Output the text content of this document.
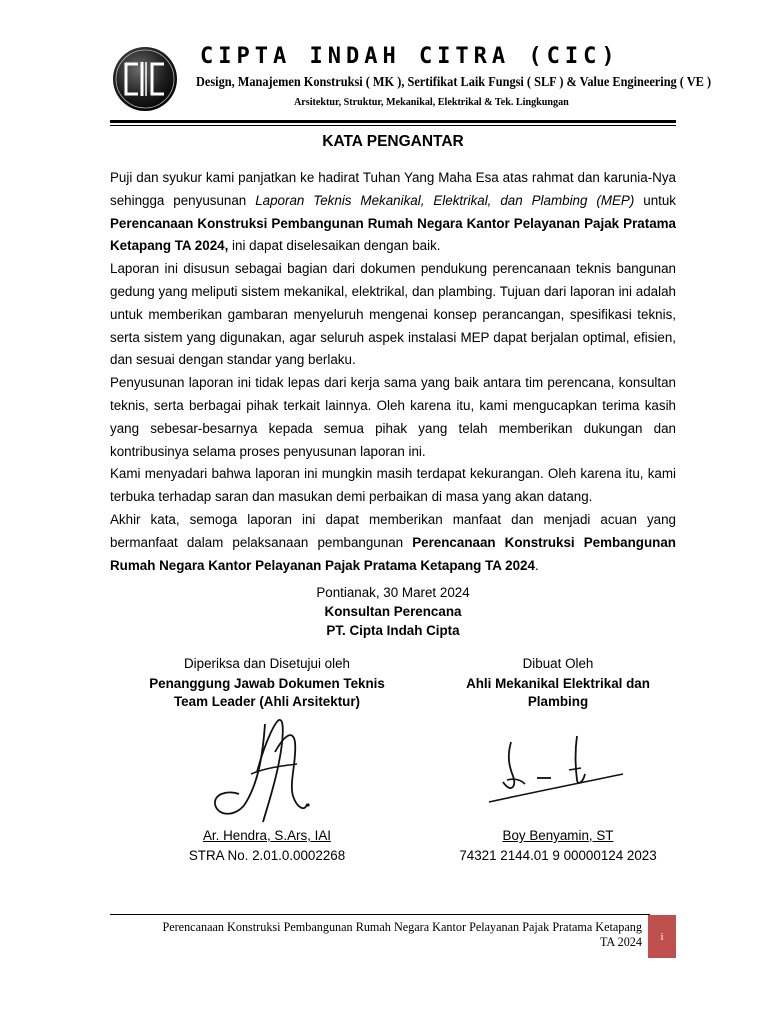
CIPTA INDAH CITRA (CIC)
Design, Manajemen Konstruksi ( MK ), Sertifikat Laik Fungsi ( SLF ) & Value Engineering ( VE )
Arsitektur, Struktur, Mekanikal, Elektrikal & Tek. Lingkungan
KATA PENGANTAR

Puji dan syukur kami panjatkan ke hadirat Tuhan Yang Maha Esa atas rahmat dan karunia-Nya sehingga penyusunan Laporan Teknis Mekanikal, Elektrikal, dan Plambing (MEP) untuk Perencanaan Konstruksi Pembangunan Rumah Negara Kantor Pelayanan Pajak Pratama Ketapang TA 2024, ini dapat diselesaikan dengan baik.

Laporan ini disusun sebagai bagian dari dokumen pendukung perencanaan teknis bangunan gedung yang meliputi sistem mekanikal, elektrikal, dan plambing. Tujuan dari laporan ini adalah untuk memberikan gambaran menyeluruh mengenai konsep perancangan, spesifikasi teknis, serta sistem yang digunakan, agar seluruh aspek instalasi MEP dapat berjalan optimal, efisien, dan sesuai dengan standar yang berlaku.

Penyusunan laporan ini tidak lepas dari kerja sama yang baik antara tim perencana, konsultan teknis, serta berbagai pihak terkait lainnya. Oleh karena itu, kami mengucapkan terima kasih yang sebesar-besarnya kepada semua pihak yang telah memberikan dukungan dan kontribusinya selama proses penyusunan laporan ini.

Kami menyadari bahwa laporan ini mungkin masih terdapat kekurangan. Oleh karena itu, kami terbuka terhadap saran dan masukan demi perbaikan di masa yang akan datang.

Akhir kata, semoga laporan ini dapat memberikan manfaat dan menjadi acuan yang bermanfaat dalam pelaksanaan pembangunan Perencanaan Konstruksi Pembangunan Rumah Negara Kantor Pelayanan Pajak Pratama Ketapang TA 2024.

Pontianak, 30 Maret 2024
Konsultan Perencana
PT. Cipta Indah Cipta
Diperiksa dan Disetujui oleh
Penanggung Jawab Dokumen Teknis
Team Leader (Ahli Arsitektur)
Dibuat Oleh
Ahli Mekanikal Elektrikal dan
Plambing
Ar. Hendra, S.Ars, IAI
STRA No. 2.01.0.0002268
Boy Benyamin, ST
74321 2144.01 9 00000124 2023
Perencanaan Konstruksi Pembangunan Rumah Negara Kantor Pelayanan Pajak Pratama Ketapang
TA 2024	i
